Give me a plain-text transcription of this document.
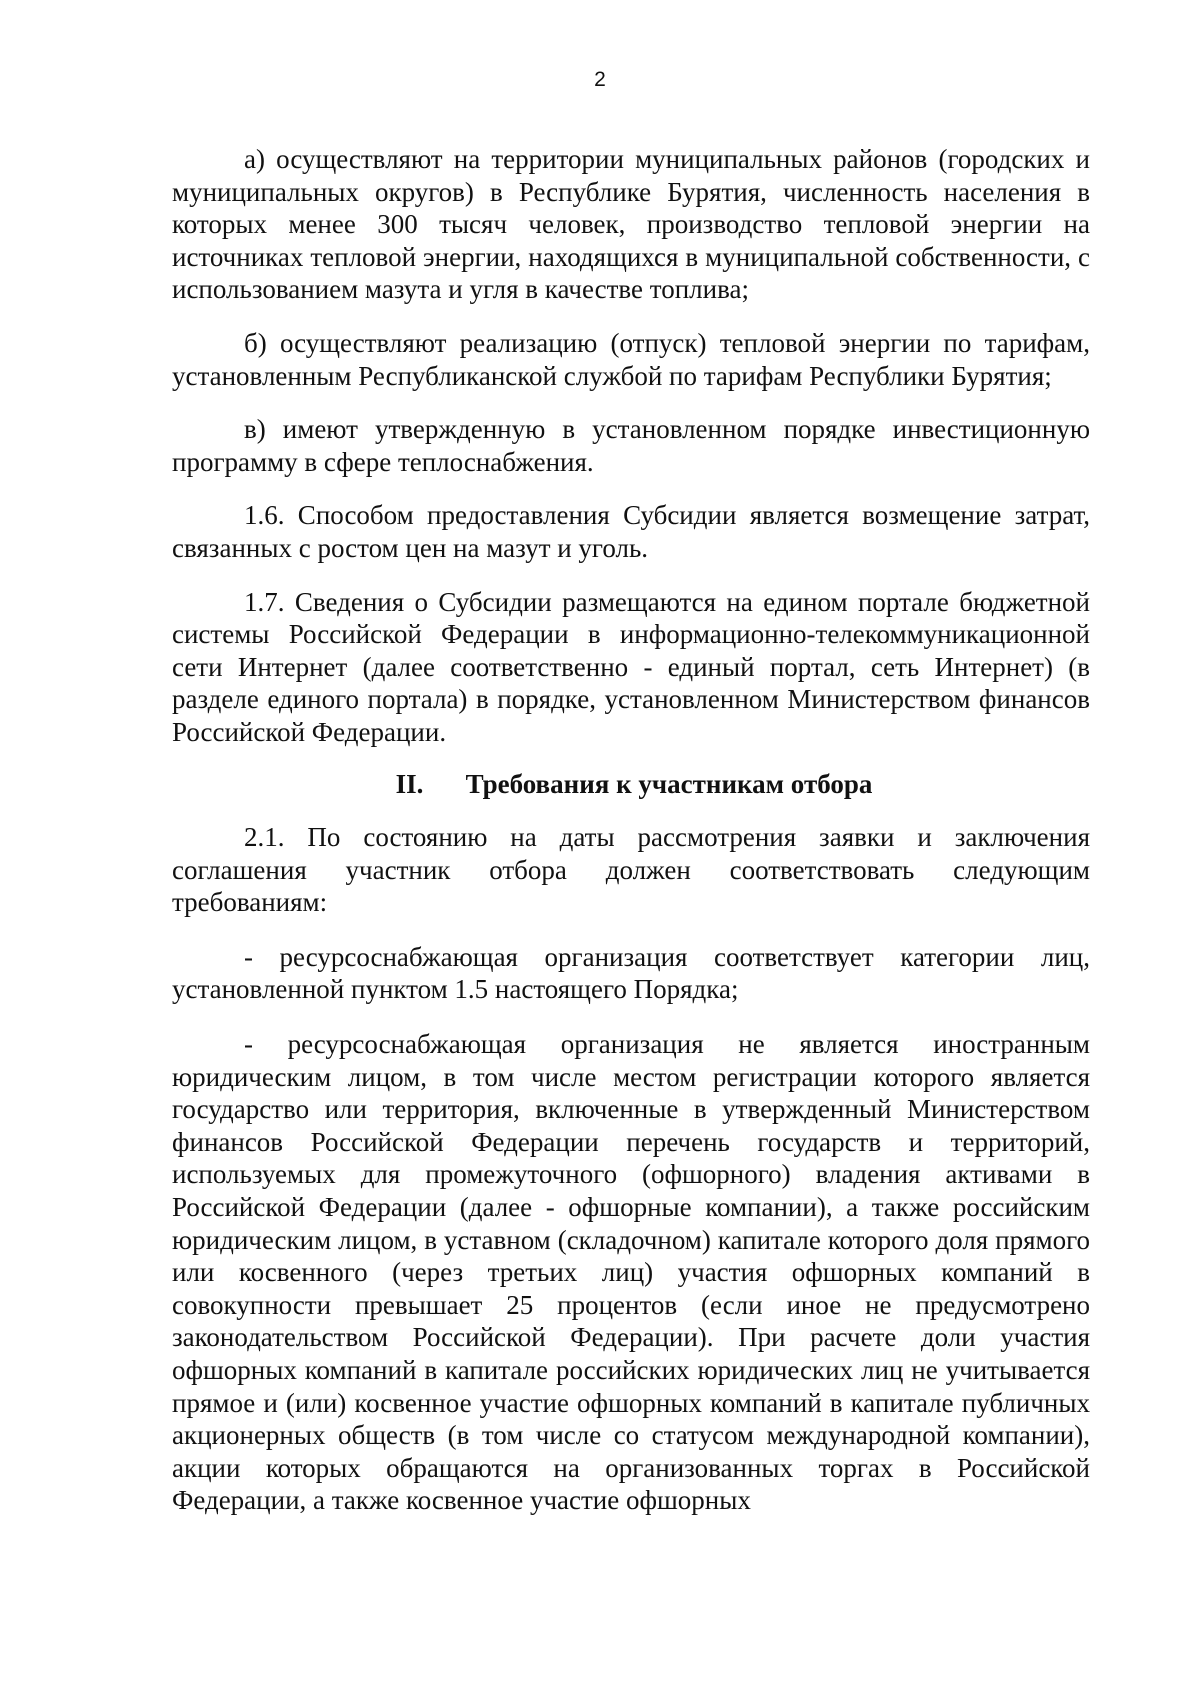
2

а) осуществляют на территории муниципальных районов (городских и муниципальных округов) в Республике Бурятия, численность населения в которых менее 300 тысяч человек, производство тепловой энергии на источниках тепловой энергии, находящихся в муниципальной собственности, с использованием мазута и угля в качестве топлива;

б) осуществляют реализацию (отпуск) тепловой энергии по тарифам, установленным Республиканской службой по тарифам Республики Бурятия;

в) имеют утвержденную в установленном порядке инвестиционную программу в сфере теплоснабжения.

1.6. Способом предоставления Субсидии является возмещение затрат, связанных с ростом цен на мазут и уголь.

1.7. Сведения о Субсидии размещаются на едином портале бюджетной системы Российской Федерации в информационно-телекоммуникационной сети Интернет (далее соответственно - единый портал, сеть Интернет) (в разделе единого портала) в порядке, установленном Министерством финансов Российской Федерации.

II. Требования к участникам отбора

2.1. По состоянию на даты рассмотрения заявки и заключения соглашения участник отбора должен соответствовать следующим требованиям:

- ресурсоснабжающая организация соответствует категории лиц, установленной пунктом 1.5 настоящего Порядка;

- ресурсоснабжающая организация не является иностранным юридическим лицом, в том числе местом регистрации которого является государство или территория, включенные в утвержденный Министерством финансов Российской Федерации перечень государств и территорий, используемых для промежуточного (офшорного) владения активами в Российской Федерации (далее - офшорные компании), а также российским юридическим лицом, в уставном (складочном) капитале которого доля прямого или косвенного (через третьих лиц) участия офшорных компаний в совокупности превышает 25 процентов (если иное не предусмотрено законодательством Российской Федерации). При расчете доли участия офшорных компаний в капитале российских юридических лиц не учитывается прямое и (или) косвенное участие офшорных компаний в капитале публичных акционерных обществ (в том числе со статусом международной компании), акции которых обращаются на организованных торгах в Российской Федерации, а также косвенное участие офшорных
